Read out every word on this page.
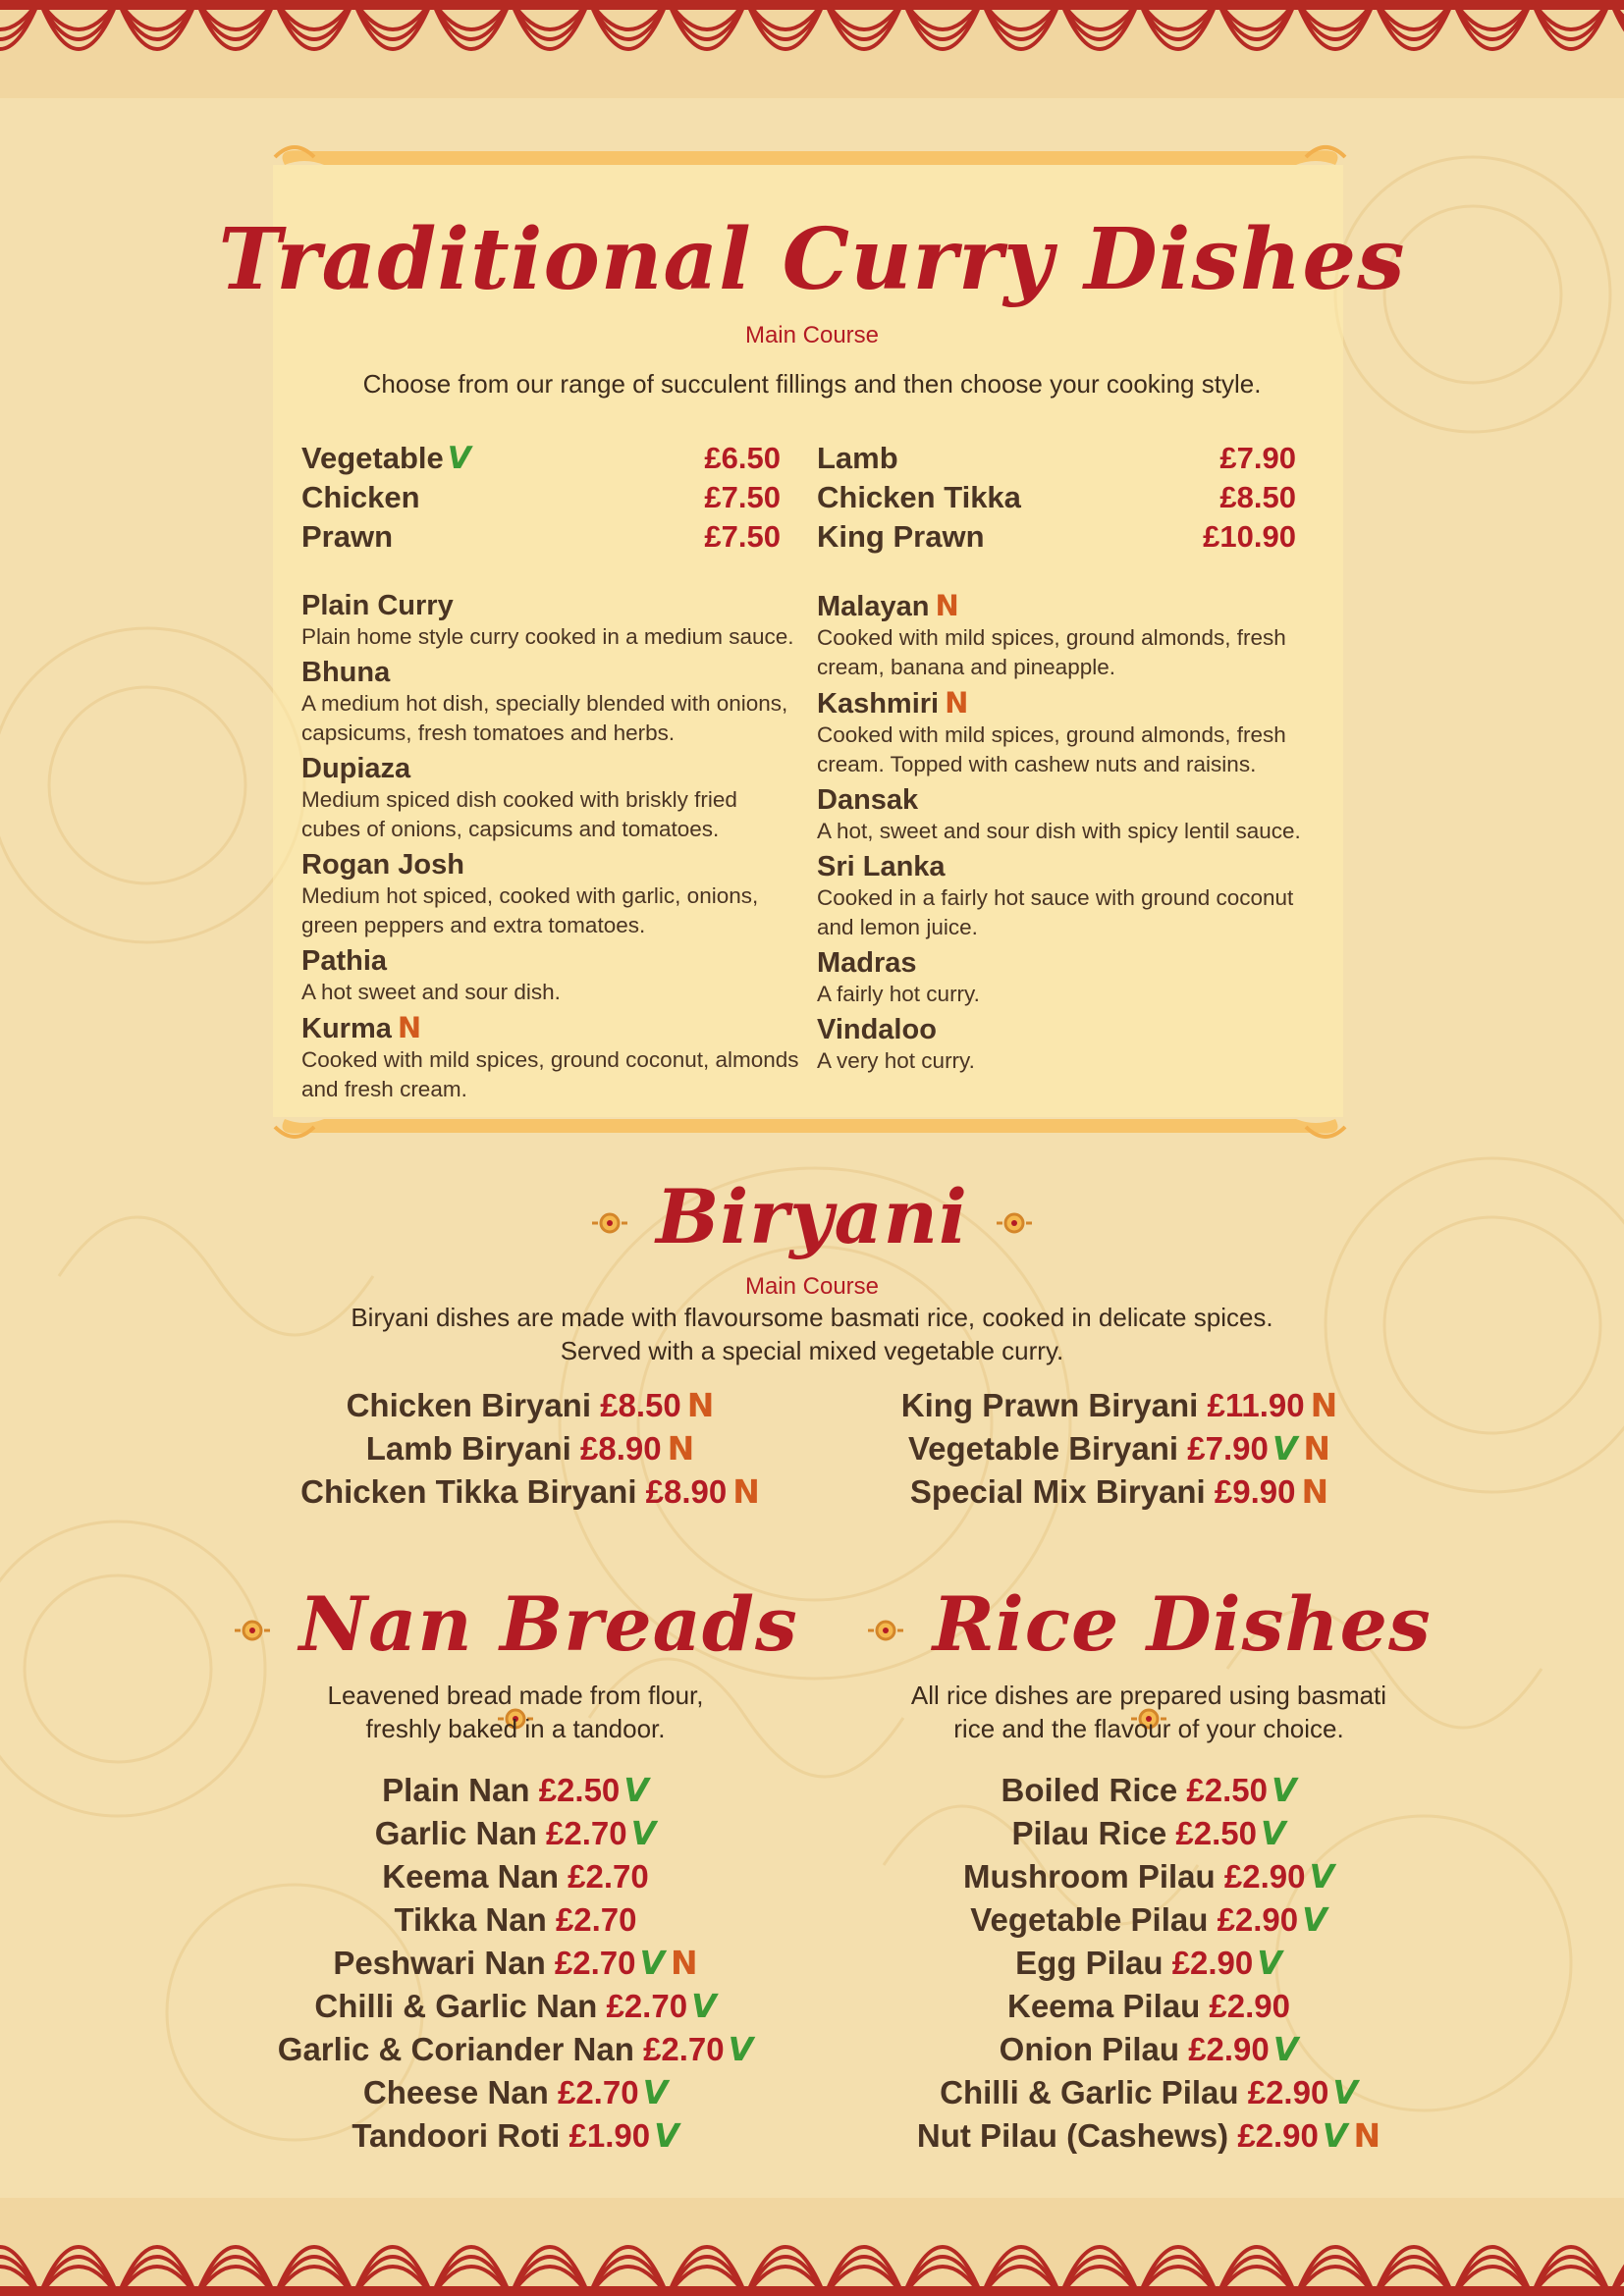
Traditional Curry Dishes
Main Course
Choose from our range of succulent fillings and then choose your cooking style.
Vegetable V	£6.50
Chicken	£7.50
Prawn	£7.50
Lamb	£7.90
Chicken Tikka	£8.50
King Prawn	£10.90
Plain Curry
Plain home style curry cooked in a medium sauce.
Bhuna
A medium hot dish, specially blended with onions, capsicums, fresh tomatoes and herbs.
Dupiaza
Medium spiced dish cooked with briskly fried cubes of onions, capsicums and tomatoes.
Rogan Josh
Medium hot spiced, cooked with garlic, onions, green peppers and extra tomatoes.
Pathia
A hot sweet and sour dish.
Kurma N
Cooked with mild spices, ground coconut, almonds and fresh cream.
Malayan N
Cooked with mild spices, ground almonds, fresh cream, banana and pineapple.
Kashmiri N
Cooked with mild spices, ground almonds, fresh cream. Topped with cashew nuts and raisins.
Dansak
A hot, sweet and sour dish with spicy lentil sauce.
Sri Lanka
Cooked in a fairly hot sauce with ground coconut and lemon juice.
Madras
A fairly hot curry.
Vindaloo
A very hot curry.
Biryani
Main Course
Biryani dishes are made with flavoursome basmati rice, cooked in delicate spices.
Served with a special mixed vegetable curry.
Chicken Biryani £8.50 N
Lamb Biryani £8.90 N
Chicken Tikka Biryani £8.90 N
King Prawn Biryani £11.90 N
Vegetable Biryani £7.90 V N
Special Mix Biryani £9.90 N
Nan Breads
Leavened bread made from flour,
freshly baked in a tandoor.
Plain Nan £2.50 V
Garlic Nan £2.70 V
Keema Nan £2.70
Tikka Nan £2.70
Peshwari Nan £2.70 V N
Chilli & Garlic Nan £2.70 V
Garlic & Coriander Nan £2.70 V
Cheese Nan £2.70 V
Tandoori Roti £1.90 V
Rice Dishes
All rice dishes are prepared using basmati
rice and the flavour of your choice.
Boiled Rice £2.50 V
Pilau Rice £2.50 V
Mushroom Pilau £2.90 V
Vegetable Pilau £2.90 V
Egg Pilau £2.90 V
Keema Pilau £2.90
Onion Pilau £2.90 V
Chilli & Garlic Pilau £2.90 V
Nut Pilau (Cashews) £2.90 V N
